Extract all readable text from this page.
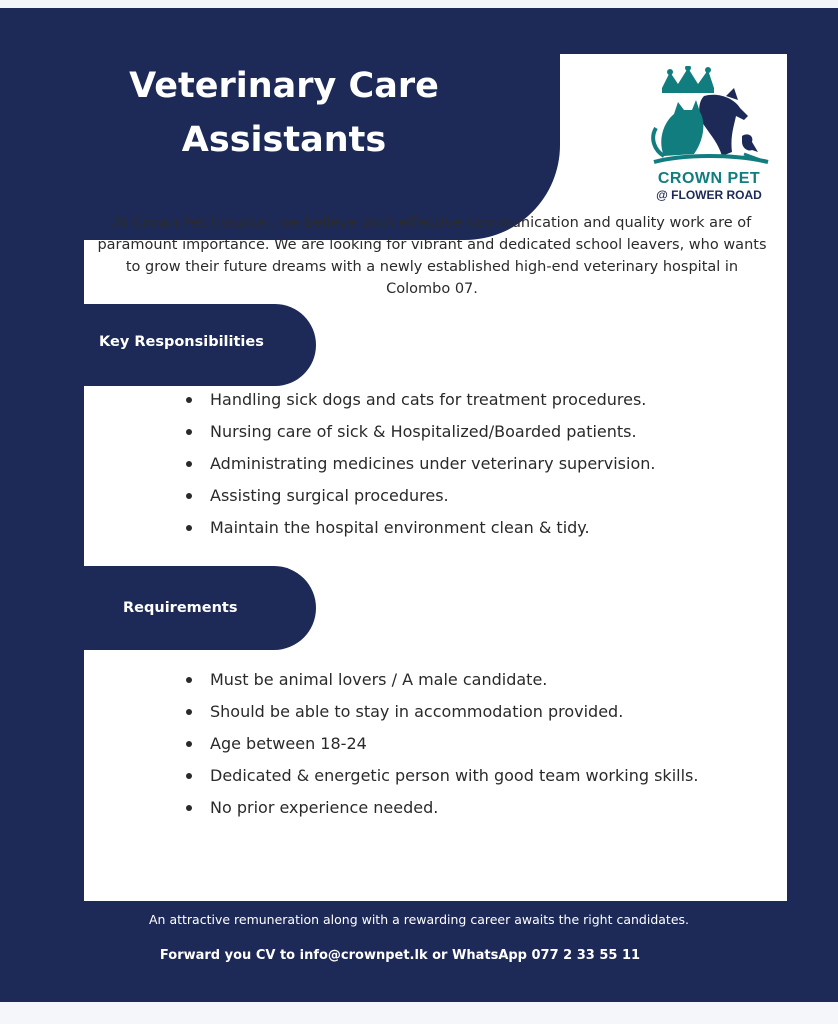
Veterinary Care
Assistants
CROWN PET
@ FLOWER ROAD
At Crown Pet Hospital, we believe both effective communication and quality work are of paramount importance. We are looking for vibrant and dedicated school leavers, who wants to grow their future dreams with a newly established high-end veterinary hospital in Colombo 07.
Key Responsibilities
Handling sick dogs and cats for treatment procedures.
Nursing care of sick & Hospitalized/Boarded patients.
Administrating medicines under veterinary supervision.
Assisting surgical procedures.
Maintain the hospital environment clean & tidy.
Requirements
Must be animal lovers / A male candidate.
Should be able to stay in accommodation provided.
Age between 18-24
Dedicated & energetic person with good team working skills.
No prior experience needed.
An attractive remuneration along with a rewarding career awaits the right candidates.
Forward you CV to info@crownpet.lk or WhatsApp 077 2 33 55 11
